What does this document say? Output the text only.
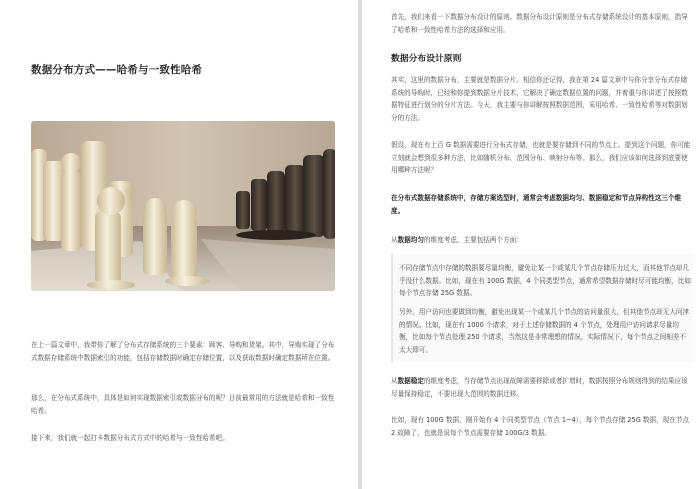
数据分布方式——哈希与一致性哈希

在上一篇文章中，我带你了解了分布式存储系统的三个要素：顾客、导购和货架。其中，导购实现了分布式数据存储系统中数据索引的功能，包括存储数据时确定存储位置，以及获取数据时确定数据所在位置。

那么，在分布式系统中，具体是如何实现数据索引或数据分布的呢？目前最常用的方法就是哈希和一致性哈希。

接下来，我们就一起打卡数据分布式方式中的哈希与一致性哈希吧。

首先，我们来看一下数据分布设计的原则。数据分布设计原则是分布式存储系统设计的基本原则，指导了哈希和一致性哈希方法的选择和应用。

数据分布设计原则

其实，这里的数据分布，主要就是数据分片。相信你还记得，我在第 24 篇文章中与你分享分布式存储系统的导购时，已经和你提到数据分片技术，它解决了确定数据位置的问题，并着重与你讲述了按照数据特征进行划分的分片方法。今天，我主要与你讲解按照数据范围，采用哈希、一致性哈希等对数据划分的方法。

假设，现在有上百 G 数据需要进行分布式存储，也就是要存储到不同的节点上。提到这个问题，你可能立刻就会想到很多种方法，比如随机分布、范围分布、映射分布等。那么，我们应该如何选择到底要使用哪种方法呢？

在分布式数据存储系统中，存储方案选型时，通常会考虑数据均匀、数据稳定和节点异构性这三个维度。

从数据均匀的维度考虑，主要包括两个方面：

不同存储节点中存储的数据要尽量均衡，避免让某一个或某几个节点存储压力过大，而其他节点却几乎没什么数据。比如，现在有 100G 数据，4 个同类型节点，通常希望数据存储时尽可能均衡，比如每个节点存储 25G 数据。

另外，用户访问也要做到均衡，避免出现某一个或某几个节点的访问量很大，但其他节点却无人问津的情况。比如，现在有 1000 个请求，对于上述存储数据的 4 个节点，处理用户访问请求尽量均衡，比如每个节点处理 250 个请求，当然这是非常理想的情况，实际情况下，每个节点之间相差不太大即可。

从数据稳定的维度考虑，当存储节点出现故障需要移除或者扩增时，数据按照分布规则得到的结果应该尽量保持稳定，不要出现大范围的数据迁移。

比如，现有 100G 数据，刚开始有 4 个同类型节点（节点 1~4），每个节点存储 25G 数据，现在节点 2 故障了，也就是说每个节点需要存储 100G/3 数据。
